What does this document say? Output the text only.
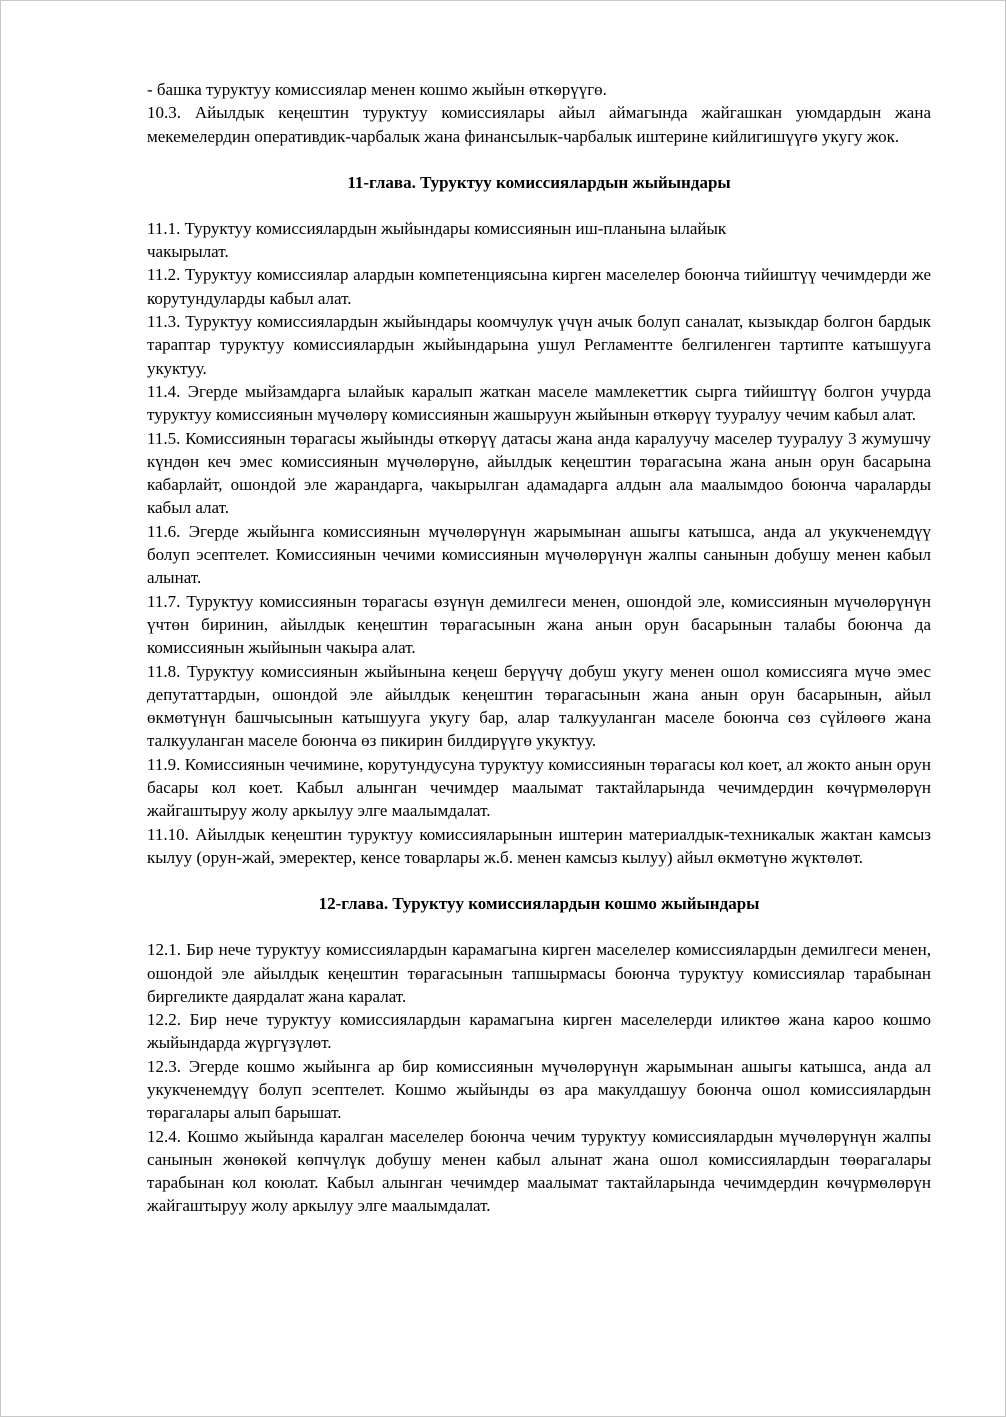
- башка туруктуу комиссиялар менен кошмо жыйын өткөрүүгө.

10.3. Айылдык кеңештин туруктуу комиссиялары айыл аймагында жайгашкан уюмдардын жана мекемелердин оперативдик-чарбалык жана финансылык-чарбалык иштерине кийлигишүүгө укугу жок.

11-глава. Туруктуу комиссиялардын жыйындары

11.1. Туруктуу комиссиялардын жыйындары комиссиянын иш-планына ылайык

чакырылат.

11.2. Туруктуу комиссиялар алардын компетенциясына кирген маселелер боюнча тийиштүү чечимдерди же корутундуларды кабыл алат.

11.3. Туруктуу комиссиялардын жыйындары коомчулук үчүн ачык болуп саналат, кызыкдар болгон бардык тараптар туруктуу комиссиялардын жыйындарына ушул Регламентте белгиленген тартипте катышууга укуктуу.

11.4. Эгерде мыйзамдарга ылайык каралып жаткан маселе мамлекеттик сырга тийиштүү болгон учурда туруктуу комиссиянын мүчөлөрү комиссиянын жашыруун жыйынын өткөрүү тууралуу чечим кабыл алат.

11.5. Комиссиянын төрагасы жыйынды өткөрүү датасы жана анда каралуучу маселер тууралуу 3 жумушчу күндөн кеч эмес комиссиянын мүчөлөрүнө, айылдык кеңештин төрагасына жана анын орун басарына кабарлайт, ошондой эле жарандарга, чакырылган адамадарга алдын ала маалымдоо боюнча чараларды кабыл алат.

11.6. Эгерде жыйынга комиссиянын мүчөлөрүнүн жарымынан ашыгы катышса, анда ал укукченемдүү болуп эсептелет. Комиссиянын чечими комиссиянын мүчөлөрүнүн жалпы санынын добушу менен кабыл алынат.

11.7. Туруктуу комиссиянын төрагасы өзүнүн демилгеси менен, ошондой эле, комиссиянын мүчөлөрүнүн үчтөн биринин, айылдык кеңештин төрагасынын жана анын орун басарынын талабы боюнча да комиссиянын жыйынын чакыра алат.

11.8. Туруктуу комиссиянын жыйынына кеңеш берүүчү добуш укугу менен ошол комиссияга мүчө эмес депутаттардын, ошондой эле айылдык кеңештин төрагасынын жана анын орун басарынын, айыл өкмөтүнүн башчысынын катышууга укугу бар, алар талкууланган маселе боюнча сөз сүйлөөгө жана талкууланган маселе боюнча өз пикирин билдирүүгө укуктуу.

11.9. Комиссиянын чечимине, корутундусуна туруктуу комиссиянын төрагасы кол коет, ал жокто анын орун басары кол коет. Кабыл алынган чечимдер маалымат тактайларында чечимдердин көчүрмөлөрүн жайгаштыруу жолу аркылуу элге маалымдалат.

11.10. Айылдык кеңештин туруктуу комиссияларынын иштерин материалдык-техникалык жактан камсыз кылуу (орун-жай, эмеректер, кенсе товарлары ж.б. менен камсыз кылуу) айыл өкмөтүнө жүктөлөт.

12-глава. Туруктуу комиссиялардын кошмо жыйындары

12.1. Бир нече туруктуу комиссиялардын карамагына кирген маселелер комиссиялардын демилгеси менен, ошондой эле айылдык кеңештин төрагасынын тапшырмасы боюнча туруктуу комиссиялар тарабынан биргеликте даярдалат жана каралат.

12.2. Бир нече туруктуу комиссиялардын карамагына кирген маселелерди иликтөө жана кароо кошмо жыйындарда жүргүзүлөт.

12.3. Эгерде кошмо жыйынга ар бир комиссиянын мүчөлөрүнүн жарымынан ашыгы катышса, анда ал укукченемдүү болуп эсептелет. Кошмо жыйынды өз ара макулдашуу боюнча ошол комиссиялардын төрагалары алып барышат.

12.4. Кошмо жыйында каралган маселелер боюнча чечим туруктуу комиссиялардын мүчөлөрүнүн жалпы санынын жөнөкөй көпчүлүк добушу менен кабыл алынат жана ошол комиссиялардын төөрагалары тарабынан кол коюлат. Кабыл алынган чечимдер маалымат тактайларында чечимдердин көчүрмөлөрүн жайгаштыруу жолу аркылуу элге маалымдалат.
